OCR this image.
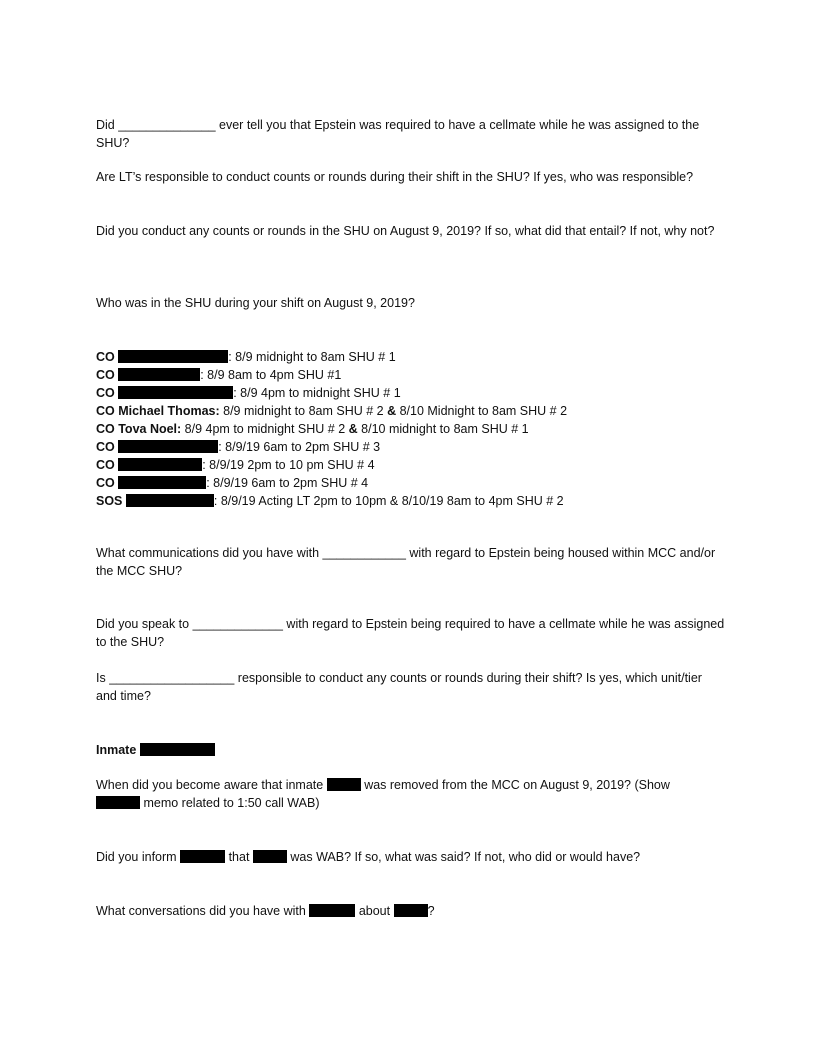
Did ______________ ever tell you that Epstein was required to have a cellmate while he was assigned to the SHU?

Are LT’s responsible to conduct counts or rounds during their shift in the SHU? If yes, who was responsible?

Did you conduct any counts or rounds in the SHU on August 9, 2019? If so, what did that entail? If not, why not?

Who was in the SHU during your shift on August 9, 2019?

CO	: 8/9 midnight to 8am SHU # 1
CO	: 8/9 8am to 4pm SHU #1
CO	: 8/9 4pm to midnight SHU # 1
CO Michael Thomas: 8/9 midnight to 8am SHU # 2 & 8/10 Midnight to 8am SHU # 2
CO Tova Noel: 8/9 4pm to midnight SHU # 2 & 8/10 midnight to 8am SHU # 1
CO	: 8/9/19 6am to 2pm SHU # 3
CO	: 8/9/19 2pm to 10 pm SHU # 4
CO	: 8/9/19 6am to 2pm SHU # 4
SOS	: 8/9/19 Acting LT 2pm to 10pm & 8/10/19 8am to 4pm SHU # 2

What communications did you have with ____________ with regard to Epstein being housed within MCC and/or the MCC SHU?

Did you speak to _____________ with regard to Epstein being required to have a cellmate while he was assigned to the SHU?

Is __________________ responsible to conduct any counts or rounds during their shift? Is yes, which unit/tier and time?

Inmate

When did you become aware that inmate	was removed from the MCC on August 9, 2019? (Show
memo related to 1:50 call WAB)

Did you inform	that	was WAB? If so, what was said? If not, who did or would have?

What conversations did you have with	about	?
